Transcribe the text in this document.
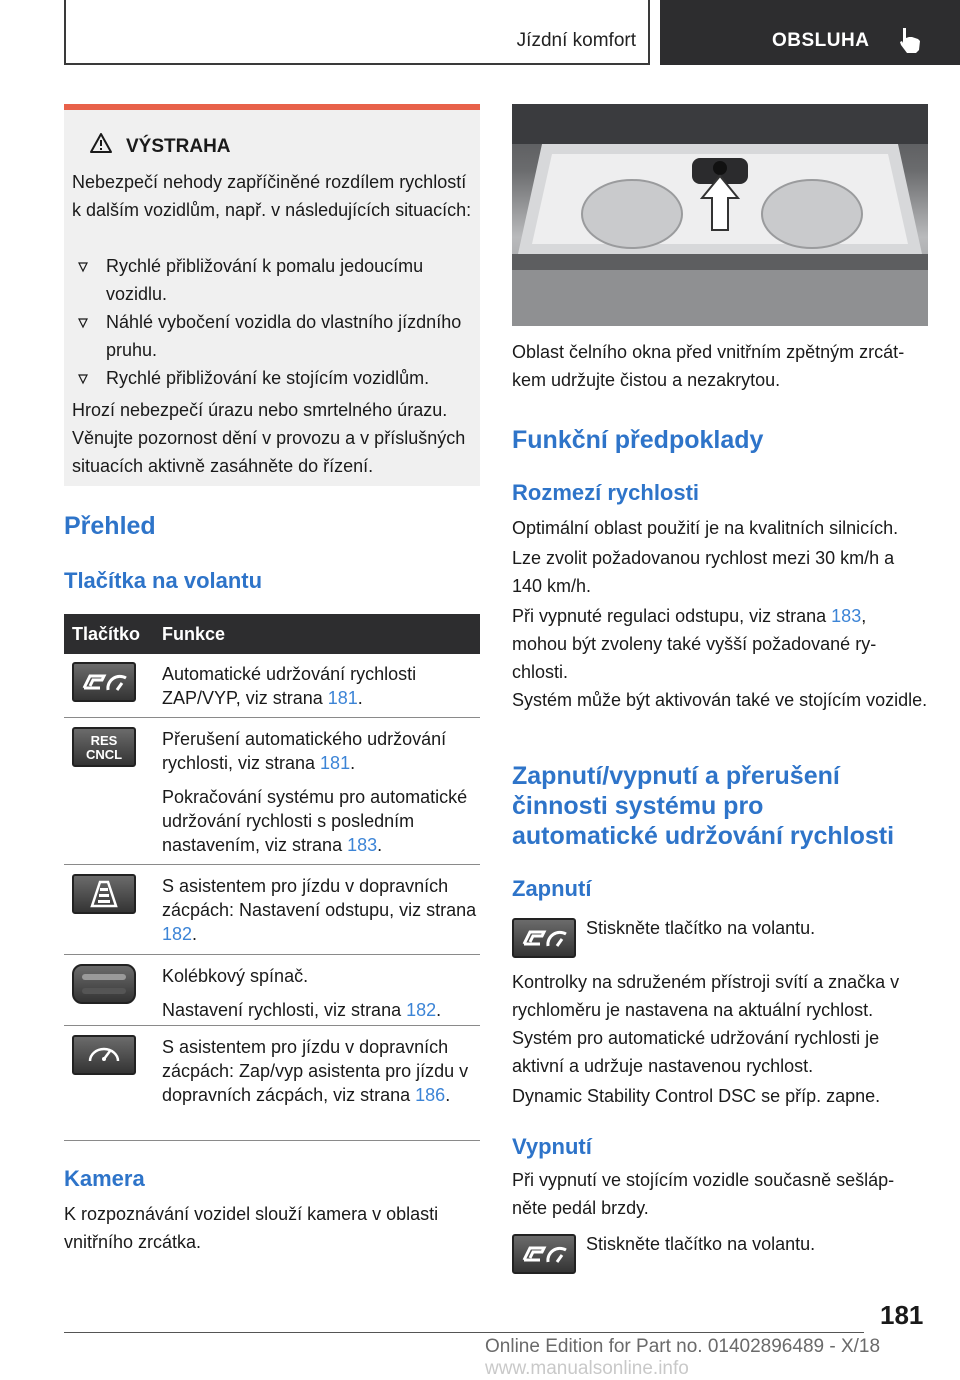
Jízdní komfort	OBSLUHA
VÝSTRAHA
Nebezpečí nehody zapříčiněné rozdílem rychlostí k dalším vozidlům, např. v následujících situacích:
Rychlé přibližování k pomalu jedoucímu vozidlu.
Náhlé vybočení vozidla do vlastního jízdního pruhu.
Rychlé přibližování ke stojícím vozidlům.
Hrozí nebezpečí úrazu nebo smrtelného úrazu. Věnujte pozornost dění v provozu a v příslušných situacích aktivně zasáhněte do řízení.
Přehled
Tlačítka na volantu
Tlačítko Funkce

Automatické udržování rychlosti ZAP/VYP, viz strana 181.

RES
CNCL

Přerušení automatického udržování rychlosti, viz strana 181.

Pokračování systému pro automatické udržování rychlosti s posledním nastavením, viz strana 183.

S asistentem pro jízdu v dopravních zácpách: Nastavení odstupu, viz strana 182.

Kolébkový spínač.

Nastavení rychlosti, viz strana 182.

S asistentem pro jízdu v dopravních zácpách: Zap/vyp asistenta pro jízdu v dopravních zácpách, viz strana 186.

Kamera
K rozpoznávání vozidel slouží kamera v oblasti vnitřního zrcátka.
Oblast čelního okna před vnitřním zpětným zrcátkem udržujte čistou a nezakrytou.
Funkční předpoklady
Rozmezí rychlosti
Optimální oblast použití je na kvalitních silnicích.
Lze zvolit požadovanou rychlost mezi 30 km/h a 140 km/h.
Při vypnuté regulaci odstupu, viz strana 183, mohou být zvoleny také vyšší požadované rychlosti.
Systém může být aktivován také ve stojícím vozidle.
Zapnutí/vypnutí a přerušení
činnosti systému pro
automatické udržování rychlosti
Zapnutí
Stiskněte tlačítko na volantu.
Kontrolky na sdruženém přístroji svítí a značka v rychloměru je nastavena na aktuální rychlost.
Systém pro automatické udržování rychlosti je aktivní a udržuje nastavenou rychlost.
Dynamic Stability Control DSC se příp. zapne.
Vypnutí
Při vypnutí ve stojícím vozidle současně sešlápněte pedál brzdy.
Stiskněte tlačítko na volantu.
181
Online Edition for Part no. 01402896489 - X/18 www.manualsonline.info
